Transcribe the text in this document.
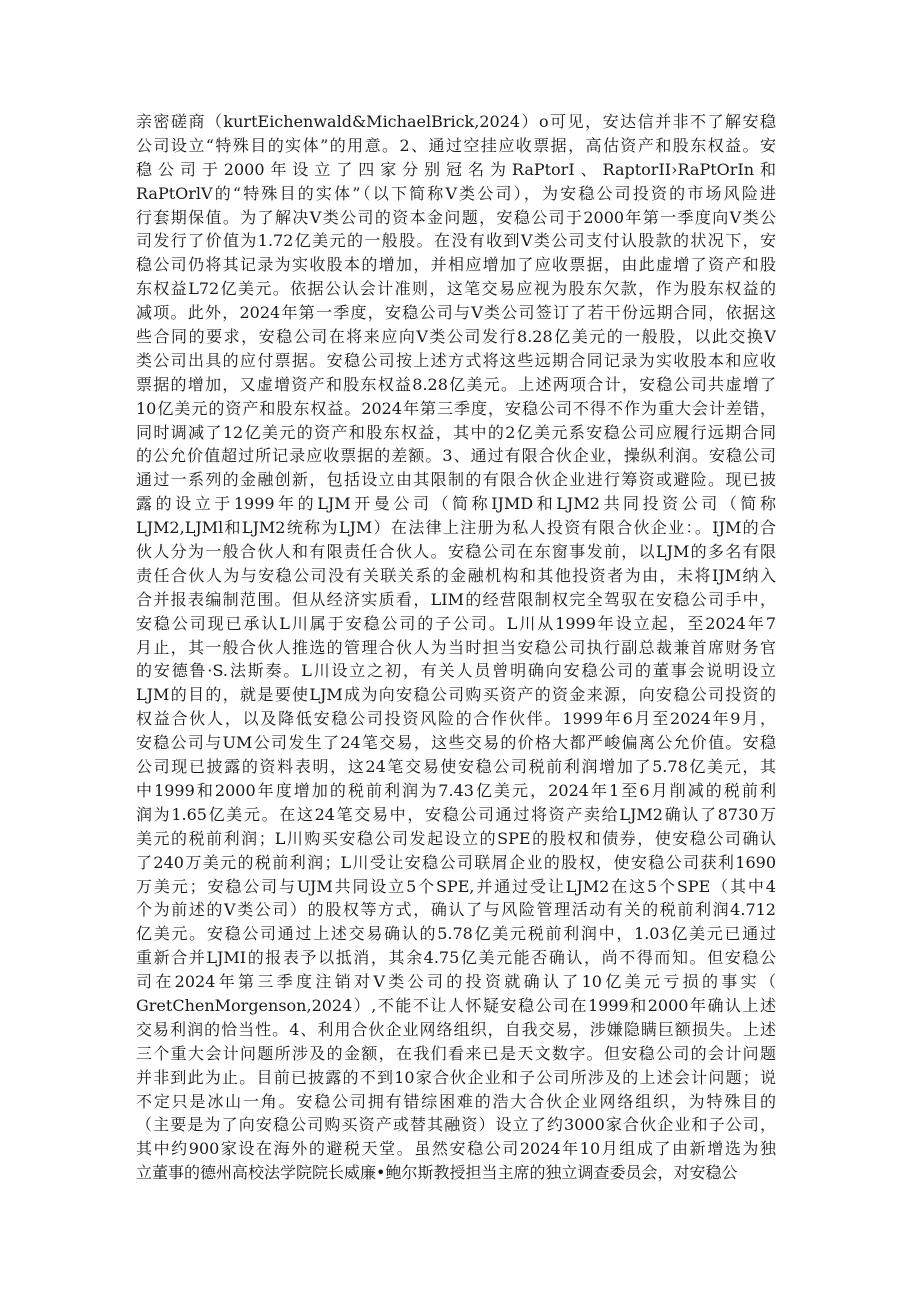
亲密磋商（kurtEichenwald&MichaelBrick,2024）o可见，安达信并非不了解安稳
公司设立“特殊目的实体”的用意。2、通过空挂应收票据，高估资产和股东权益。安
稳公司于2000年设立了四家分别冠名为RaPtorI、RaptorII›RaPtOrIn和
RaPtOrlV的“特殊目的实体”（以下简称V类公司），为安稳公司投资的市场风险进
行套期保值。为了解决V类公司的资本金问题，安稳公司于2000年第一季度向V类公
司发行了价值为1.72亿美元的一般股。在没有收到V类公司支付认股款的状况下，安
稳公司仍将其记录为实收股本的增加，并相应增加了应收票据，由此虚增了资产和股
东权益L72亿美元。依据公认会计准则，这笔交易应视为股东欠款，作为股东权益的
减项。此外，2024年第一季度，安稳公司与V类公司签订了若干份远期合同，依据这
些合同的要求，安稳公司在将来应向V类公司发行8.28亿美元的一般股，以此交换V
类公司出具的应付票据。安稳公司按上述方式将这些远期合同记录为实收股本和应收
票据的增加，又虚增资产和股东权益8.28亿美元。上述两项合计，安稳公司共虚增了
10亿美元的资产和股东权益。2024年第三季度，安稳公司不得不作为重大会计差错，
同时调减了12亿美元的资产和股东权益，其中的2亿美元系安稳公司应履行远期合同
的公允价值超过所记录应收票据的差额。3、通过有限合伙企业，操纵利润。安稳公司
通过一系列的金融创新，包括设立由其限制的有限合伙企业进行筹资或避险。现已披
露的设立于1999年的LJM开曼公司（简称IJMD和LJM2共同投资公司（简称
LJM2,LJMl和LJM2统称为LJM）在法律上注册为私人投资有限合伙企业：。IJM的合
伙人分为一般合伙人和有限责任合伙人。安稳公司在东窗事发前，以LJM的多名有限
责任合伙人为与安稳公司没有关联关系的金融机构和其他投资者为由，未将IJM纳入
合并报表编制范围。但从经济实质看，LIM的经营限制权完全驾驭在安稳公司手中，
安稳公司现已承认L川属于安稳公司的子公司。L川从1999年设立起，至2024年7
月止，其一般合伙人推选的管理合伙人为当时担当安稳公司执行副总裁兼首席财务官
的安德鲁·S.法斯奏。L川设立之初，有关人员曾明确向安稳公司的董事会说明设立
LJM的目的，就是要使LJM成为向安稳公司购买资产的资金来源，向安稳公司投资的
权益合伙人，以及降低安稳公司投资风险的合作伙伴。1999年6月至2024年9月，
安稳公司与UM公司发生了24笔交易，这些交易的价格大都严峻偏离公允价值。安稳
公司现已披露的资料表明，这24笔交易使安稳公司税前利润增加了5.78亿美元，其
中1999和2000年度增加的税前利润为7.43亿美元，2024年1至6月削减的税前利
润为1.65亿美元。在这24笔交易中，安稳公司通过将资产卖给LJM2确认了8730万
美元的税前利润；L川购买安稳公司发起设立的SPE的股权和债券，使安稳公司确认
了240万美元的税前利润；L川受让安稳公司联屑企业的股权，使安稳公司获利1690
万美元；安稳公司与UJM共同设立5个SPE,并通过受让LJM2在这5个SPE（其中4
个为前述的V类公司）的股权等方式，确认了与风险管理活动有关的税前利润4.712
亿美元。安稳公司通过上述交易确认的5.78亿美元税前利润中，1.03亿美元已通过
重新合并LJMI的报表予以抵消，其余4.75亿美元能否确认，尚不得而知。但安稳公
司在2024年第三季度注销对V类公司的投资就确认了10亿美元亏损的事实（
GretChenMorgenson,2024）,不能不让人怀疑安稳公司在1999和2000年确认上述
交易利润的恰当性。4、利用合伙企业网络组织，自我交易，涉嫌隐瞒巨额损失。上述
三个重大会计问题所涉及的金额，在我们看来已是天文数字。但安稳公司的会计问题
并非到此为止。目前已披露的不到10家合伙企业和子公司所涉及的上述会计问题；说
不定只是冰山一角。安稳公司拥有错综困难的浩大合伙企业网络组织，为特殊目的
（主要是为了向安稳公司购买资产或替其融资）设立了约3000家合伙企业和子公司，
其中约900家设在海外的避税天堂。虽然安稳公司2024年10月组成了由新增选为独
立董事的德州高校法学院院长威廉•鲍尔斯教授担当主席的独立调查委员会，对安稳公
